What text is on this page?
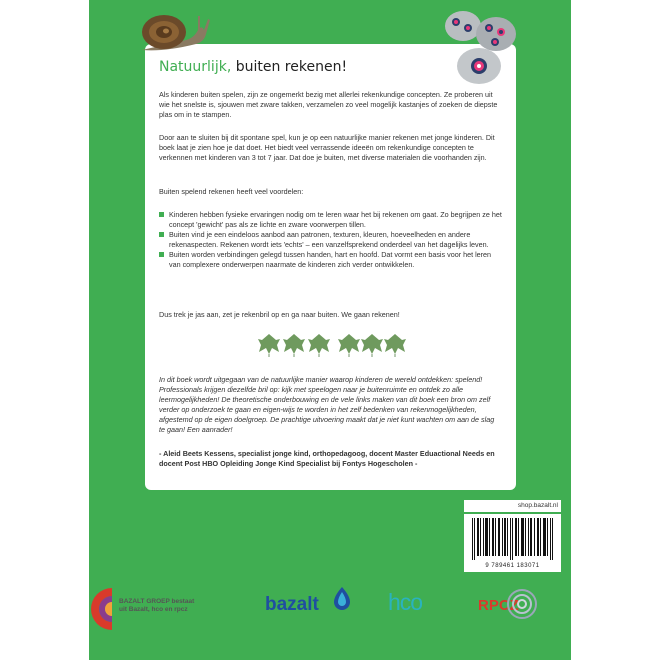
Natuurlijk, buiten rekenen!
Als kinderen buiten spelen, zijn ze ongemerkt bezig met allerlei rekenkundige concepten. Ze proberen uit wie het snelste is, sjouwen met zware takken, verzamelen zo veel mogelijk kastanjes of zoeken de diepste plas om in te stampen.
Door aan te sluiten bij dit spontane spel, kun je op een natuurlijke manier rekenen met jonge kinderen. Dit boek laat je zien hoe je dat doet. Het biedt veel verrassende ideeën om rekenkundige concepten te verkennen met kinderen van 3 tot 7 jaar. Dat doe je buiten, met diverse materialen die voorhanden zijn.
Buiten spelend rekenen heeft veel voordelen:
Kinderen hebben fysieke ervaringen nodig om te leren waar het bij rekenen om gaat. Zo begrijpen ze het concept 'gewicht' pas als ze lichte en zware voorwerpen tillen.
Buiten vind je een eindeloos aanbod aan patronen, texturen, kleuren, hoeveelheden en andere rekenaspecten. Rekenen wordt iets 'echts' – een vanzelfsprekend onderdeel van het dagelijks leven.
Buiten worden verbindingen gelegd tussen handen, hart en hoofd. Dat vormt een basis voor het leren van complexere onderwerpen naarmate de kinderen zich verder ontwikkelen.
Dus trek je jas aan, zet je rekenbril op en ga naar buiten. We gaan rekenen!
In dit boek wordt uitgegaan van de natuurlijke manier waarop kinderen de wereld ontdekken: spelend! Professionals krijgen diezelfde bril op: kijk met speelogen naar je buitenruimte en ontdek zo alle leermogelijkheden! De theoretische onderbouwing en de vele links maken van dit boek een bron om zelf verder op onderzoek te gaan en eigen-wijs te worden in het zelf bedenken van rekenmogelijkheden, afgestemd op de eigen doelgroep. De prachtige uitvoering maakt dat je niet kunt wachten om aan de slag te gaan! Een aanrader!
- Aleid Beets Kessens, specialist jonge kind, orthopedagoog, docent Master Eduactional Needs en docent Post HBO Opleiding Jonge Kind Specialist bij Fontys Hogescholen -
shop.bazalt.nl
9 789461 183071
BAZALT GROEP bestaat
uit Bazalt, hco en rpcz	bazalt	hco	RPCZ
